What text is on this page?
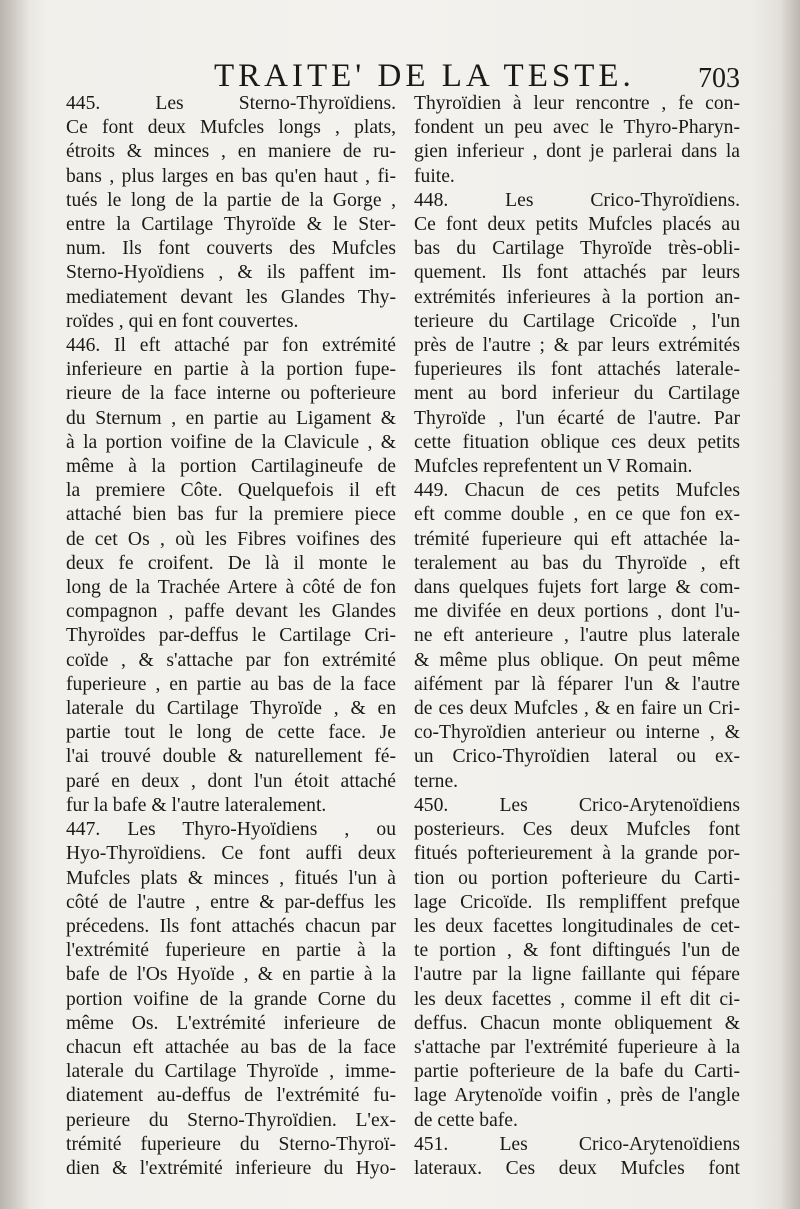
TRAITE' DE LA TESTE. 703
445. Les Sterno-Thyroïdiens.
Ce font deux Mufcles longs , plats,
étroits & minces , en maniere de ru-
bans , plus larges en bas qu'en haut , fi-
tués le long de la partie de la Gorge ,
entre la Cartilage Thyroïde & le Ster-
num. Ils font couverts des Mufcles
Sterno-Hyoïdiens , & ils paffent im-
mediatement devant les Glandes Thy-
roïdes , qui en font couvertes.
446. Il eft attaché par fon extrémité
inferieure en partie à la portion fupe-
rieure de la face interne ou pofterieure
du Sternum , en partie au Ligament &
à la portion voifine de la Clavicule , &
même à la portion Cartilagineufe de
la premiere Côte. Quelquefois il eft
attaché bien bas fur la premiere piece
de cet Os , où les Fibres voifines des
deux fe croifent. De là il monte le
long de la Trachée Artere à côté de fon
compagnon , paffe devant les Glandes
Thyroïdes par-deffus le Cartilage Cri-
coïde , & s'attache par fon extrémité
fuperieure , en partie au bas de la face
laterale du Cartilage Thyroïde , & en
partie tout le long de cette face. Je
l'ai trouvé double & naturellement fé-
paré en deux , dont l'un étoit attaché
fur la bafe & l'autre lateralement.
447. Les Thyro-Hyoïdiens , ou
Hyo-Thyroïdiens. Ce font auffi deux
Mufcles plats & minces , fitués l'un à
côté de l'autre , entre & par-deffus les
précedens. Ils font attachés chacun par
l'extrémité fuperieure en partie à la
bafe de l'Os Hyoïde , & en partie à la
portion voifine de la grande Corne du
même Os. L'extrémité inferieure de
chacun eft attachée au bas de la face
laterale du Cartilage Thyroïde , imme-
diatement au-deffus de l'extrémité fu-
perieure du Sterno-Thyroïdien. L'ex-
trémité fuperieure du Sterno-Thyroï-
dien & l'extrémité inferieure du Hyo-
Thyroïdien à leur rencontre , fe con-
fondent un peu avec le Thyro-Pharyn-
gien inferieur , dont je parlerai dans la
fuite.
448. Les Crico-Thyroïdiens.
Ce font deux petits Mufcles placés au
bas du Cartilage Thyroïde très-obli-
quement. Ils font attachés par leurs
extrémités inferieures à la portion an-
terieure du Cartilage Cricoïde , l'un
près de l'autre ; & par leurs extrémités
fuperieures ils font attachés laterale-
ment au bord inferieur du Cartilage
Thyroïde , l'un écarté de l'autre. Par
cette fituation oblique ces deux petits
Mufcles reprefentent un V Romain.
449. Chacun de ces petits Mufcles
eft comme double , en ce que fon ex-
trémité fuperieure qui eft attachée la-
teralement au bas du Thyroïde , eft
dans quelques fujets fort large & com-
me divifée en deux portions , dont l'u-
ne eft anterieure , l'autre plus laterale
& même plus oblique. On peut même
aifément par là féparer l'un & l'autre
de ces deux Mufcles , & en faire un Cri-
co-Thyroïdien anterieur ou interne , &
un Crico-Thyroïdien lateral ou ex-
terne.
450. Les Crico-Arytenoïdiens
posterieurs. Ces deux Mufcles font
fitués pofterieurement à la grande por-
tion ou portion pofterieure du Carti-
lage Cricoïde. Ils rempliffent prefque
les deux facettes longitudinales de cet-
te portion , & font diftingués l'un de
l'autre par la ligne faillante qui fépare
les deux facettes , comme il eft dit ci-
deffus. Chacun monte obliquement &
s'attache par l'extrémité fuperieure à la
partie pofterieure de la bafe du Carti-
lage Arytenoïde voifin , près de l'angle
de cette bafe.
451. Les Crico-Arytenoïdiens
lateraux. Ces deux Mufcles font
